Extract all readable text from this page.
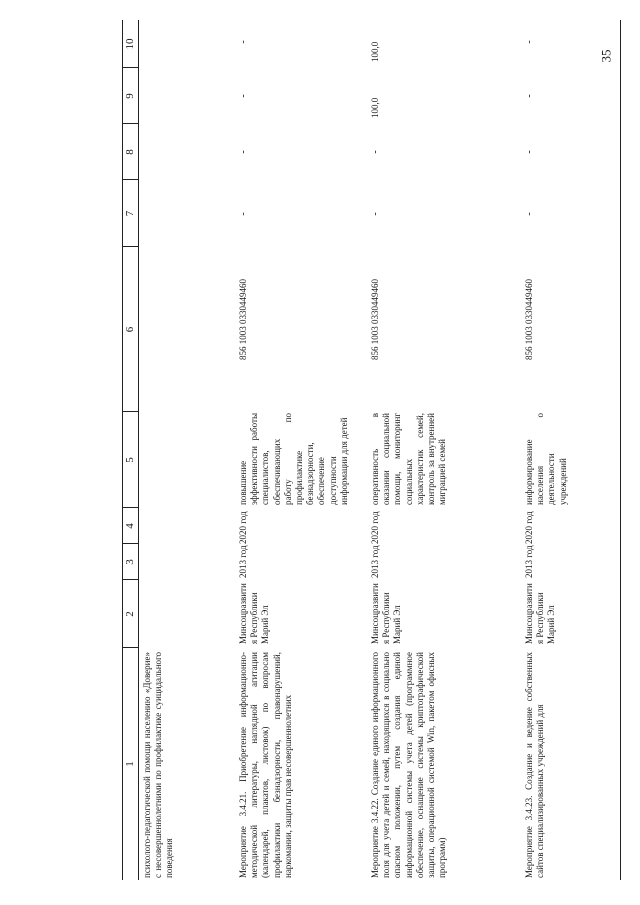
35
1
2
3
4
5
6
7
8
9
10
психолого-педагогической помощи населению «Доверие» с несовершеннолетними по профилактике суицидального поведения	Мероприятие 3.4.21. Приобретение информационно-методической литературы, наглядной агитации (календарей, плакатов, листовок) по вопросам профилактики безнадзорности, правонарушений, наркомании, защиты прав несовершеннолетних
Минсоцразвития Республики Марий Эл
2013 год
2020 год
повышение эффективности работы специалистов, обеспечивающих работу по профилактике безнадзорности, обеспечение доступности информации для детей
856 1003 0330449460
-
-
-
-
Мероприятие 3.4.22. Создание единого информационного поля для учета детей и семей, находящихся в социально опасном положении, путем создания единой информационной системы учета детей (программное обеспечение, оснащение системы криптографической защиты, операционной системой Win, пакетом офисных программ)
Минсоцразвития Республики Марий Эл
2013 год
2020 год
оперативность в оказании социальной помощи, мониторинг социальных характеристик семей, контроль за внутренней миграцией семей
856 1003 0330449460
-
-
100,0
100,0
Мероприятие 3.4.23. Создание и ведение собственных сайтов специализированных учреждений для
Минсоцразвития Республики Марий Эл
2013 год
2020 год
информирование населения о деятельности учреждений
856 1003 0330449460
-
-
-
-
